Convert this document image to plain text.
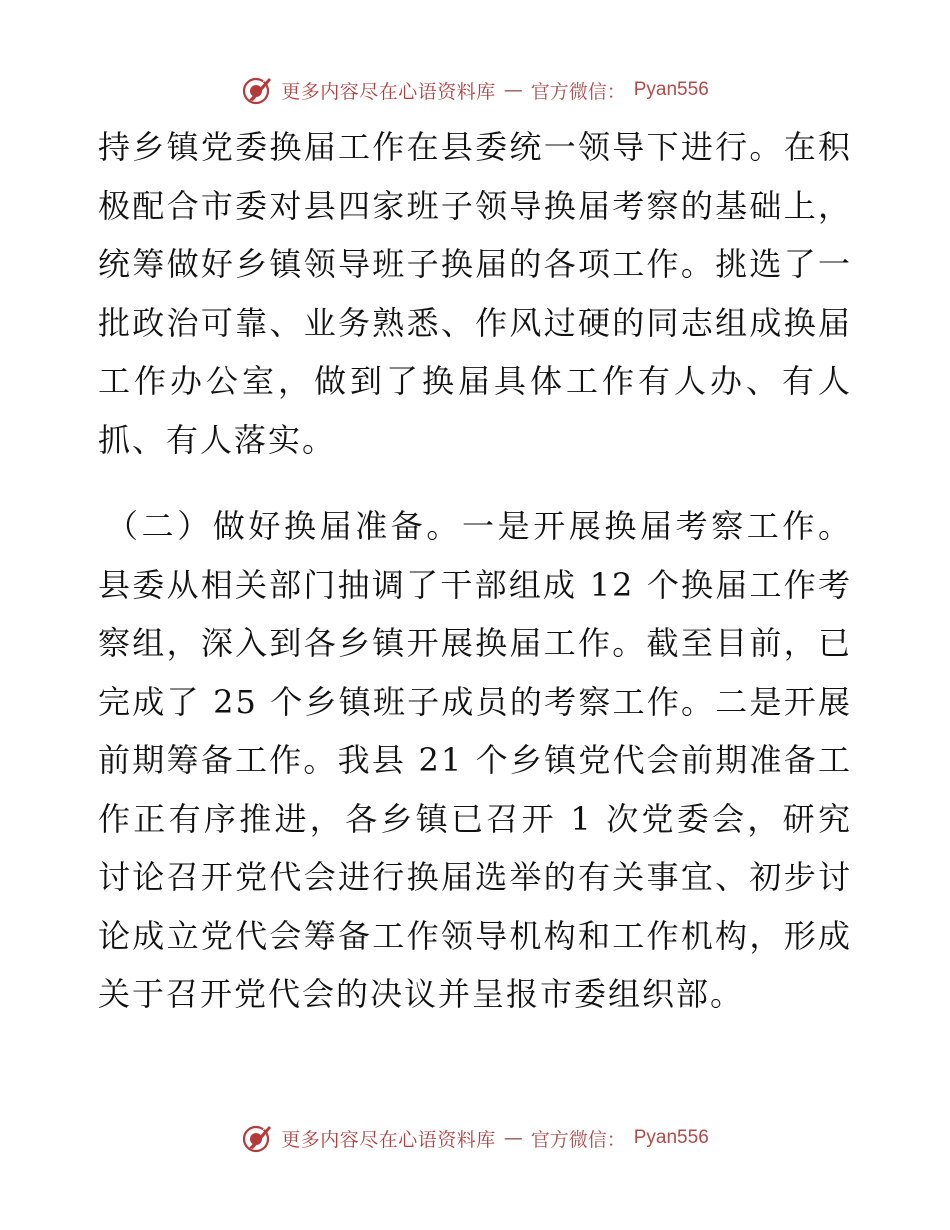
更多内容尽在心语资料库 — 官方微信： Pyan556

持乡镇党委换届工作在县委统一领导下进行。在积极配合市委对县四家班子领导换届考察的基础上，统筹做好乡镇领导班子换届的各项工作。挑选了一批政治可靠、业务熟悉、作风过硬的同志组成换届工作办公室，做到了换届具体工作有人办、有人抓、有人落实。

（二）做好换届准备。一是开展换届考察工作。县委从相关部门抽调了干部组成 12 个换届工作考察组，深入到各乡镇开展换届工作。截至目前，已完成了 25 个乡镇班子成员的考察工作。二是开展前期筹备工作。我县 21 个乡镇党代会前期准备工作正有序推进，各乡镇已召开 1 次党委会，研究讨论召开党代会进行换届选举的有关事宜、初步讨论成立党代会筹备工作领导机构和工作机构，形成关于召开党代会的决议并呈报市委组织部。

更多内容尽在心语资料库 — 官方微信： Pyan556
